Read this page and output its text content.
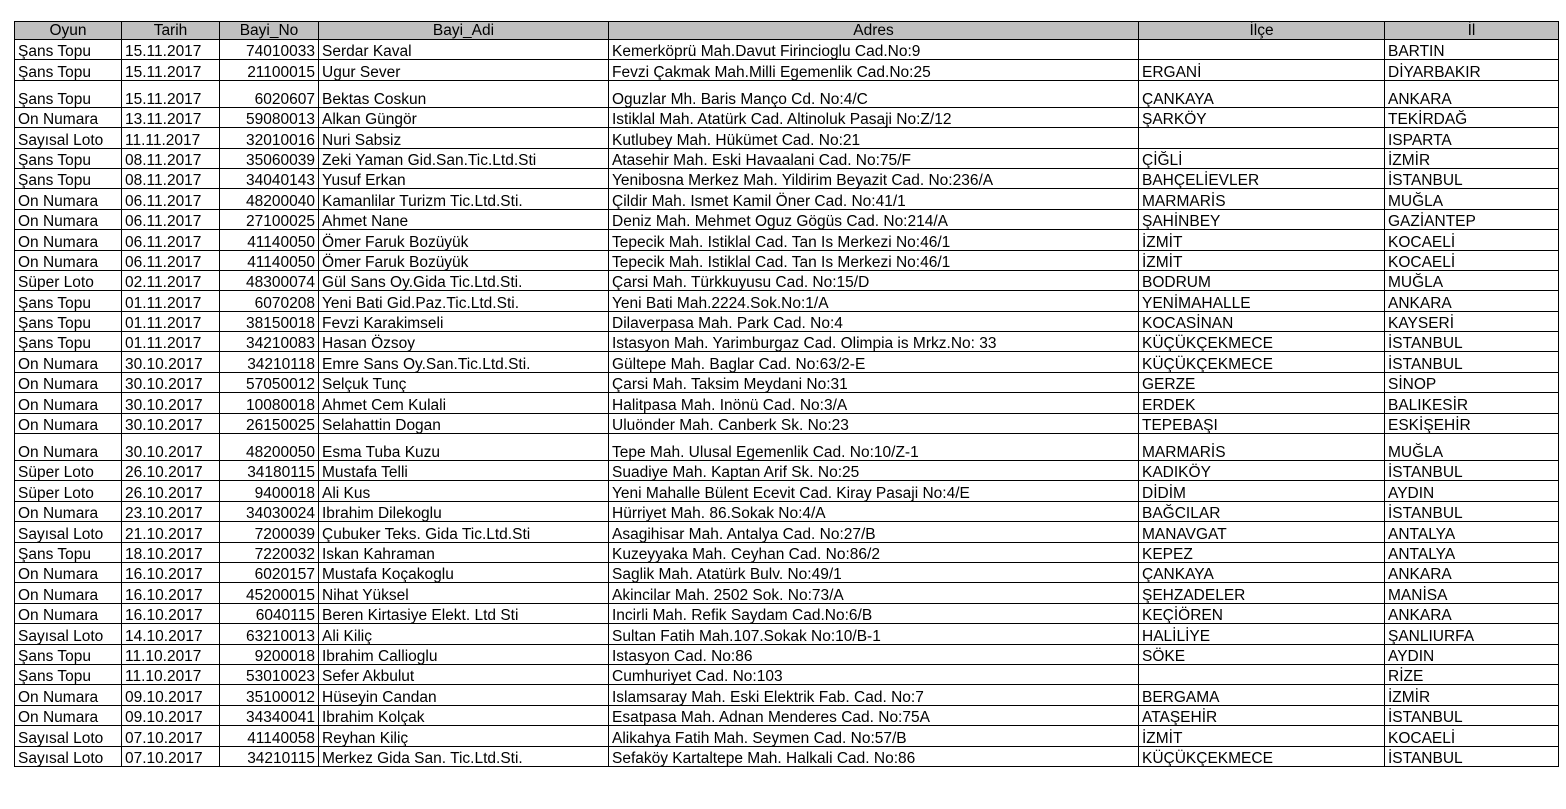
Oyun	Tarih	Bayi_No	Bayi_Adi	Adres	İlçe	İl
Şans Topu	15.11.2017	74010033	Serdar Kaval	Kemerköprü Mah.Davut Firincioglu Cad.No:9		BARTIN
Şans Topu	15.11.2017	21100015	Ugur Sever	Fevzi Çakmak Mah.Milli Egemenlik Cad.No:25	ERGANİ	DİYARBAKIR
Şans Topu	15.11.2017	6020607	Bektas Coskun	Oguzlar Mh. Baris Manço Cd. No:4/C	ÇANKAYA	ANKARA
On Numara	13.11.2017	59080013	Alkan Güngör	Istiklal Mah. Atatürk Cad. Altinoluk Pasaji No:Z/12	ŞARKÖY	TEKİRDAĞ
Sayısal Loto	11.11.2017	32010016	Nuri Sabsiz	Kutlubey Mah. Hükümet Cad. No:21		ISPARTA
Şans Topu	08.11.2017	35060039	Zeki Yaman Gid.San.Tic.Ltd.Sti	Atasehir Mah. Eski Havaalani Cad. No:75/F	ÇİĞLİ	İZMİR
Şans Topu	08.11.2017	34040143	Yusuf Erkan	Yenibosna Merkez Mah. Yildirim Beyazit Cad. No:236/A	BAHÇELİEVLER	İSTANBUL
On Numara	06.11.2017	48200040	Kamanlilar Turizm Tic.Ltd.Sti.	Çildir Mah. Ismet Kamil Öner Cad. No:41/1	MARMARİS	MUĞLA
On Numara	06.11.2017	27100025	Ahmet Nane	Deniz Mah. Mehmet Oguz Gögüs Cad. No:214/A	ŞAHİNBEY	GAZİANTEP
On Numara	06.11.2017	41140050	Ömer Faruk Bozüyük	Tepecik Mah. Istiklal Cad. Tan Is Merkezi No:46/1	İZMİT	KOCAELİ
On Numara	06.11.2017	41140050	Ömer Faruk Bozüyük	Tepecik Mah. Istiklal Cad. Tan Is Merkezi No:46/1	İZMİT	KOCAELİ
Süper Loto	02.11.2017	48300074	Gül Sans Oy.Gida Tic.Ltd.Sti.	Çarsi Mah. Türkkuyusu Cad. No:15/D	BODRUM	MUĞLA
Şans Topu	01.11.2017	6070208	Yeni Bati Gid.Paz.Tic.Ltd.Sti.	Yeni Bati Mah.2224.Sok.No:1/A	YENİMAHALLE	ANKARA
Şans Topu	01.11.2017	38150018	Fevzi Karakimseli	Dilaverpasa Mah. Park Cad. No:4	KOCASİNAN	KAYSERİ
Şans Topu	01.11.2017	34210083	Hasan Özsoy	Istasyon Mah. Yarimburgaz Cad. Olimpia is Mrkz.No: 33	KÜÇÜKÇEKMECE	İSTANBUL
On Numara	30.10.2017	34210118	Emre Sans Oy.San.Tic.Ltd.Sti.	Gültepe Mah. Baglar Cad. No:63/2-E	KÜÇÜKÇEKMECE	İSTANBUL
On Numara	30.10.2017	57050012	Selçuk Tunç	Çarsi Mah. Taksim Meydani No:31	GERZE	SİNOP
On Numara	30.10.2017	10080018	Ahmet Cem Kulali	Halitpasa Mah. Inönü Cad. No:3/A	ERDEK	BALIKESİR
On Numara	30.10.2017	26150025	Selahattin Dogan	Uluönder Mah. Canberk Sk. No:23	TEPEBAŞI	ESKİŞEHİR
On Numara	30.10.2017	48200050	Esma Tuba Kuzu	Tepe Mah. Ulusal Egemenlik Cad. No:10/Z-1	MARMARİS	MUĞLA
Süper Loto	26.10.2017	34180115	Mustafa Telli	Suadiye Mah. Kaptan Arif Sk. No:25	KADIKÖY	İSTANBUL
Süper Loto	26.10.2017	9400018	Ali Kus	Yeni Mahalle Bülent Ecevit Cad. Kiray Pasaji No:4/E	DİDİM	AYDIN
On Numara	23.10.2017	34030024	Ibrahim Dilekoglu	Hürriyet Mah. 86.Sokak No:4/A	BAĞCILAR	İSTANBUL
Sayısal Loto	21.10.2017	7200039	Çubuker Teks. Gida Tic.Ltd.Sti	Asagihisar Mah. Antalya Cad. No:27/B	MANAVGAT	ANTALYA
Şans Topu	18.10.2017	7220032	Iskan Kahraman	Kuzeyyaka Mah. Ceyhan Cad. No:86/2	KEPEZ	ANTALYA
On Numara	16.10.2017	6020157	Mustafa Koçakoglu	Saglik Mah. Atatürk Bulv. No:49/1	ÇANKAYA	ANKARA
On Numara	16.10.2017	45200015	Nihat Yüksel	Akincilar Mah. 2502 Sok. No:73/A	ŞEHZADELER	MANİSA
On Numara	16.10.2017	6040115	Beren Kirtasiye Elekt. Ltd Sti	Incirli Mah. Refik Saydam Cad.No:6/B	KEÇİÖREN	ANKARA
Sayısal Loto	14.10.2017	63210013	Ali Kiliç	Sultan Fatih Mah.107.Sokak No:10/B-1	HALİLİYE	ŞANLIURFA
Şans Topu	11.10.2017	9200018	Ibrahim Callioglu	Istasyon Cad. No:86	SÖKE	AYDIN
Şans Topu	11.10.2017	53010023	Sefer Akbulut	Cumhuriyet Cad. No:103		RİZE
On Numara	09.10.2017	35100012	Hüseyin Candan	Islamsaray Mah. Eski Elektrik Fab. Cad. No:7	BERGAMA	İZMİR
On Numara	09.10.2017	34340041	Ibrahim Kolçak	Esatpasa Mah. Adnan Menderes Cad. No:75A	ATAŞEHİR	İSTANBUL
Sayısal Loto	07.10.2017	41140058	Reyhan Kiliç	Alikahya Fatih Mah. Seymen Cad. No:57/B	İZMİT	KOCAELİ
Sayısal Loto	07.10.2017	34210115	Merkez Gida San. Tic.Ltd.Sti.	Sefaköy Kartaltepe Mah. Halkali Cad. No:86	KÜÇÜKÇEKMECE	İSTANBUL
